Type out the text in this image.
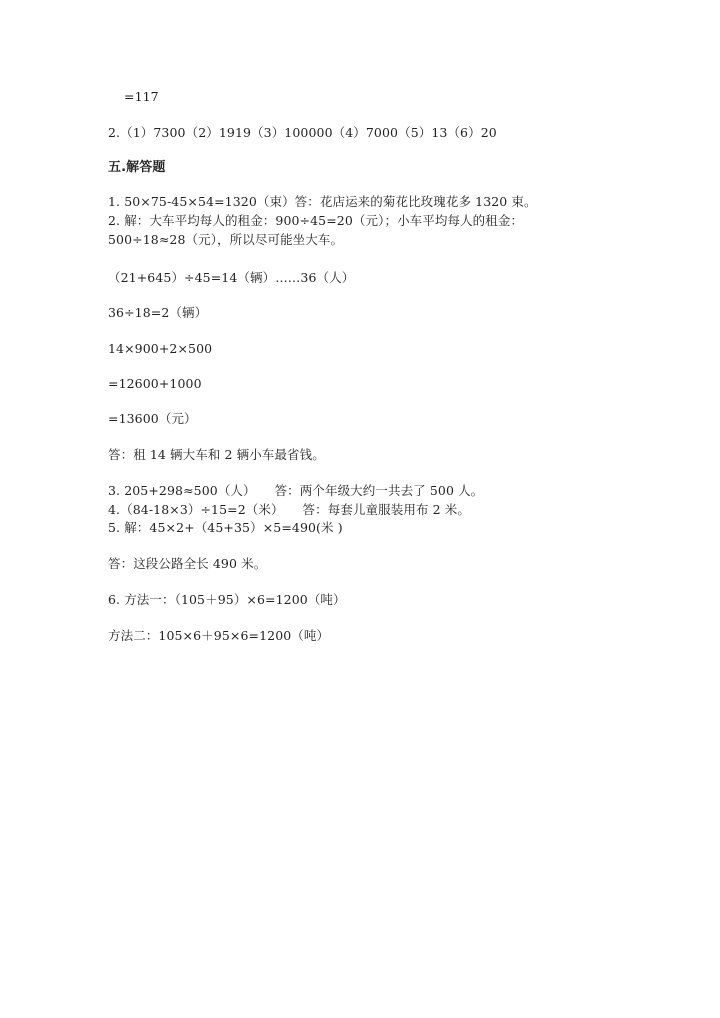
=117
2.（1）7300（2）1919（3）100000（4）7000（5）13（6）20
五.解答题
1. 50×75-45×54=1320（束）答：花店运来的菊花比玫瑰花多 1320 束。
2. 解：大车平均每人的租金：900÷45=20（元）；小车平均每人的租金：
500÷18≈28（元），所以尽可能坐大车。
（21+645）÷45=14（辆）……36（人）
36÷18=2（辆）
14×900+2×500
=12600+1000
=13600（元）
答：租 14 辆大车和 2 辆小车最省钱。
3. 205+298≈500（人）　　答：两个年级大约一共去了 500 人。
4.（84-18×3）÷15=2（米）　　答：每套儿童服装用布 2 米。
5. 解：45×2+（45+35）×5=490(米 )
答：这段公路全长 490 米。
6. 方法一：（105＋95）×6=1200（吨）
方法二：105×6＋95×6=1200（吨）
